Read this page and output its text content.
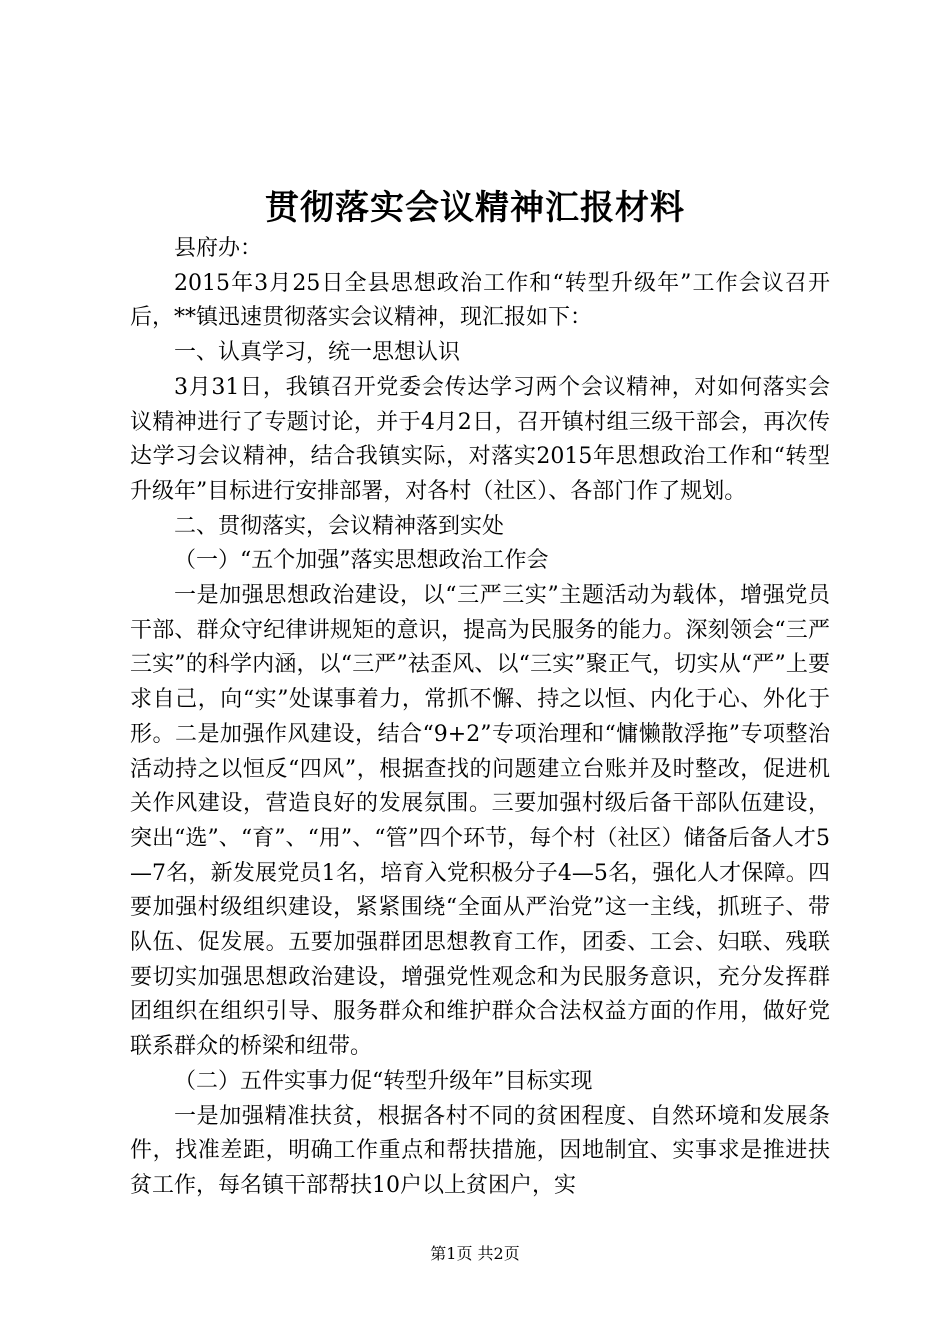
贯彻落实会议精神汇报材料

县府办：

2015年3月25日全县思想政治工作和“转型升级年”工作会议召开后，**镇迅速贯彻落实会议精神，现汇报如下：

一、认真学习，统一思想认识

3月31日，我镇召开党委会传达学习两个会议精神，对如何落实会议精神进行了专题讨论，并于4月2日，召开镇村组三级干部会，再次传达学习会议精神，结合我镇实际，对落实2015年思想政治工作和“转型升级年”目标进行安排部署，对各村（社区）、各部门作了规划。

二、贯彻落实，会议精神落到实处

（一）“五个加强”落实思想政治工作会

一是加强思想政治建设，以“三严三实”主题活动为载体，增强党员干部、群众守纪律讲规矩的意识，提高为民服务的能力。深刻领会“三严三实”的科学内涵，以“三严”祛歪风、以“三实”聚正气，切实从“严”上要求自己，向“实”处谋事着力，常抓不懈、持之以恒、内化于心、外化于形。二是加强作风建设，结合“9+2”专项治理和“慵懒散浮拖”专项整治活动持之以恒反“四风”，根据查找的问题建立台账并及时整改，促进机关作风建设，营造良好的发展氛围。三要加强村级后备干部队伍建设，突出“选”、“育”、“用”、“管”四个环节，每个村（社区）储备后备人才5—7名，新发展党员1名，培育入党积极分子4—5名，强化人才保障。四要加强村级组织建设，紧紧围绕“全面从严治党”这一主线，抓班子、带队伍、促发展。五要加强群团思想教育工作，团委、工会、妇联、残联要切实加强思想政治建设，增强党性观念和为民服务意识，充分发挥群团组织在组织引导、服务群众和维护群众合法权益方面的作用，做好党联系群众的桥梁和纽带。

（二）五件实事力促“转型升级年”目标实现

一是加强精准扶贫，根据各村不同的贫困程度、自然环境和发展条件，找准差距，明确工作重点和帮扶措施，因地制宜、实事求是推进扶贫工作，每名镇干部帮扶10户以上贫困户，实

第1页 共2页
